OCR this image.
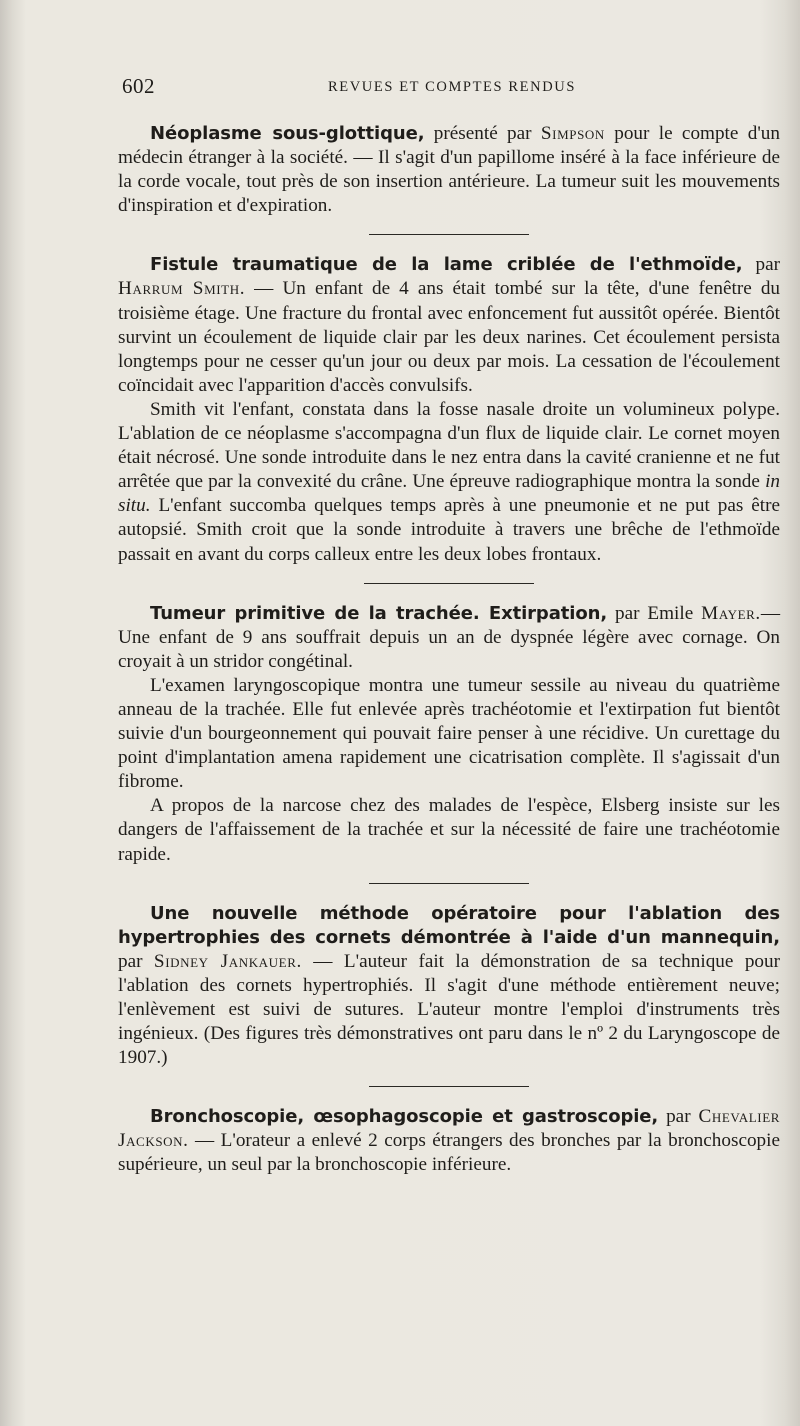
602	REVUES ET COMPTES RENDUS

Néoplasme sous-glottique, présenté par Simpson pour le compte d'un médecin étranger à la société. — Il s'agit d'un papillome inséré à la face inférieure de la corde vocale, tout près de son insertion antérieure. La tumeur suit les mouvements d'inspiration et d'expiration.

Fistule traumatique de la lame criblée de l'ethmoïde, par Harrum Smith. — Un enfant de 4 ans était tombé sur la tête, d'une fenêtre du troisième étage. Une fracture du frontal avec enfoncement fut aussitôt opérée. Bientôt survint un écoulement de liquide clair par les deux narines. Cet écoulement persista longtemps pour ne cesser qu'un jour ou deux par mois. La cessation de l'écoulement coïncidait avec l'apparition d'accès convulsifs.

Smith vit l'enfant, constata dans la fosse nasale droite un volumineux polype. L'ablation de ce néoplasme s'accompagna d'un flux de liquide clair. Le cornet moyen était nécrosé. Une sonde introduite dans le nez entra dans la cavité cranienne et ne fut arrêtée que par la convexité du crâne. Une épreuve radiographique montra la sonde in situ. L'enfant succomba quelques temps après à une pneumonie et ne put pas être autopsié. Smith croit que la sonde introduite à travers une brêche de l'ethmoïde passait en avant du corps calleux entre les deux lobes frontaux.

Tumeur primitive de la trachée. Extirpation, par Emile Mayer.— Une enfant de 9 ans souffrait depuis un an de dyspnée légère avec cornage. On croyait à un stridor congétinal.

L'examen laryngoscopique montra une tumeur sessile au niveau du quatrième anneau de la trachée. Elle fut enlevée après trachéotomie et l'extirpation fut bientôt suivie d'un bourgeonnement qui pouvait faire penser à une récidive. Un curettage du point d'implantation amena rapidement une cicatrisation complète. Il s'agissait d'un fibrome.

A propos de la narcose chez des malades de l'espèce, Elsberg insiste sur les dangers de l'affaissement de la trachée et sur la nécessité de faire une trachéotomie rapide.

Une nouvelle méthode opératoire pour l'ablation des hypertrophies des cornets démontrée à l'aide d'un mannequin, par Sidney Jankauer. — L'auteur fait la démonstration de sa technique pour l'ablation des cornets hypertrophiés. Il s'agit d'une méthode entièrement neuve; l'enlèvement est suivi de sutures. L'auteur montre l'emploi d'instruments très ingénieux. (Des figures très démonstratives ont paru dans le nº 2 du Laryngoscope de 1907.)

Bronchoscopie, œsophagoscopie et gastroscopie, par Chevalier Jackson. — L'orateur a enlevé 2 corps étrangers des bronches par la bronchoscopie supérieure, un seul par la bronchoscopie inférieure.
